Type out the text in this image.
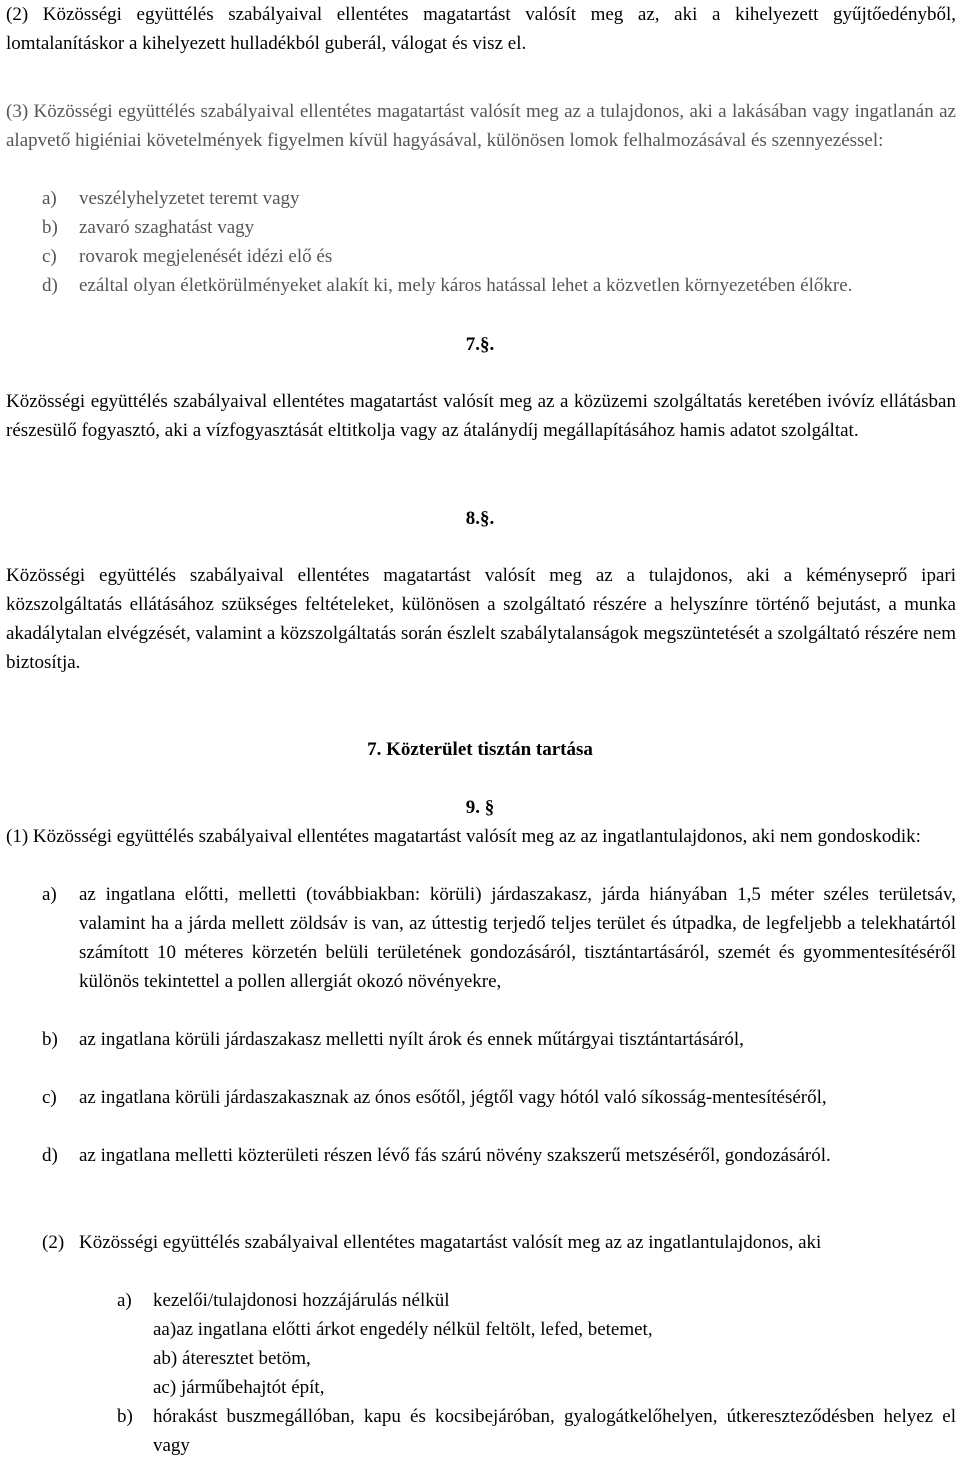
(2) Közösségi együttélés szabályaival ellentétes magatartást valósít meg az, aki a kihelyezett gyűjtőedényből, lomtalanításkor a kihelyezett hulladékból guberál, válogat és visz el.
(3) Közösségi együttélés szabályaival ellentétes magatartást valósít meg az a tulajdonos, aki a lakásában vagy ingatlanán az alapvető higiéniai követelmények figyelmen kívül hagyásával, különösen lomok felhalmozásával és szennyezéssel:
a) veszélyhelyzetet teremt vagy
b) zavaró szaghatást vagy
c) rovarok megjelenését idézi elő és
d) ezáltal olyan életkörülményeket alakít ki, mely káros hatással lehet a közvetlen környezetében élőkre.
7.§.
Közösségi együttélés szabályaival ellentétes magatartást valósít meg az a közüzemi szolgáltatás keretében ivóvíz ellátásban részesülő fogyasztó, aki a vízfogyasztását eltitkolja vagy az átalánydíj megállapításához hamis adatot szolgáltat.
8.§.
Közösségi együttélés szabályaival ellentétes magatartást valósít meg az a tulajdonos, aki a kéményseprő ipari közszolgáltatás ellátásához szükséges feltételeket, különösen a szolgáltató részére a helyszínre történő bejutást, a munka akadálytalan elvégzését, valamint a közszolgáltatás során észlelt szabálytalanságok megszüntetését a szolgáltató részére nem biztosítja.
7. Közterület tisztán tartása
9. §
(1) Közösségi együttélés szabályaival ellentétes magatartást valósít meg az az ingatlantulajdonos, aki nem gondoskodik:
a) az ingatlana előtti, melletti (továbbiakban: körüli) járdaszakasz, járda hiányában 1,5 méter széles területsáv, valamint ha a járda mellett zöldsáv is van, az úttestig terjedő teljes terület és útpadka, de legfeljebb a telekhatártól számított 10 méteres körzetén belüli területének gondozásáról, tisztántartásáról, szemét és gyommentesítéséről különös tekintettel a pollen allergiát okozó növényekre,
b) az ingatlana körüli járdaszakasz melletti nyílt árok és ennek műtárgyai tisztántartásáról,
c) az ingatlana körüli járdaszakasznak az ónos esőtől, jégtől vagy hótól való síkosság-mentesítéséről,
d) az ingatlana melletti közterületi részen lévő fás szárú növény szakszerű metszéséről, gondozásáról.
(2) Közösségi együttélés szabályaival ellentétes magatartást valósít meg az az ingatlantulajdonos, aki
a) kezelői/tulajdonosi hozzájárulás nélkül
aa)az ingatlana előtti árkot engedély nélkül feltölt, lefed, betemet,
ab) áteresztet betöm,
ac) járműbehajtót épít,
b) hórakást buszmegállóban, kapu és kocsibejáróban, gyalogátkelőhelyen, útkereszteződésben helyez el vagy
